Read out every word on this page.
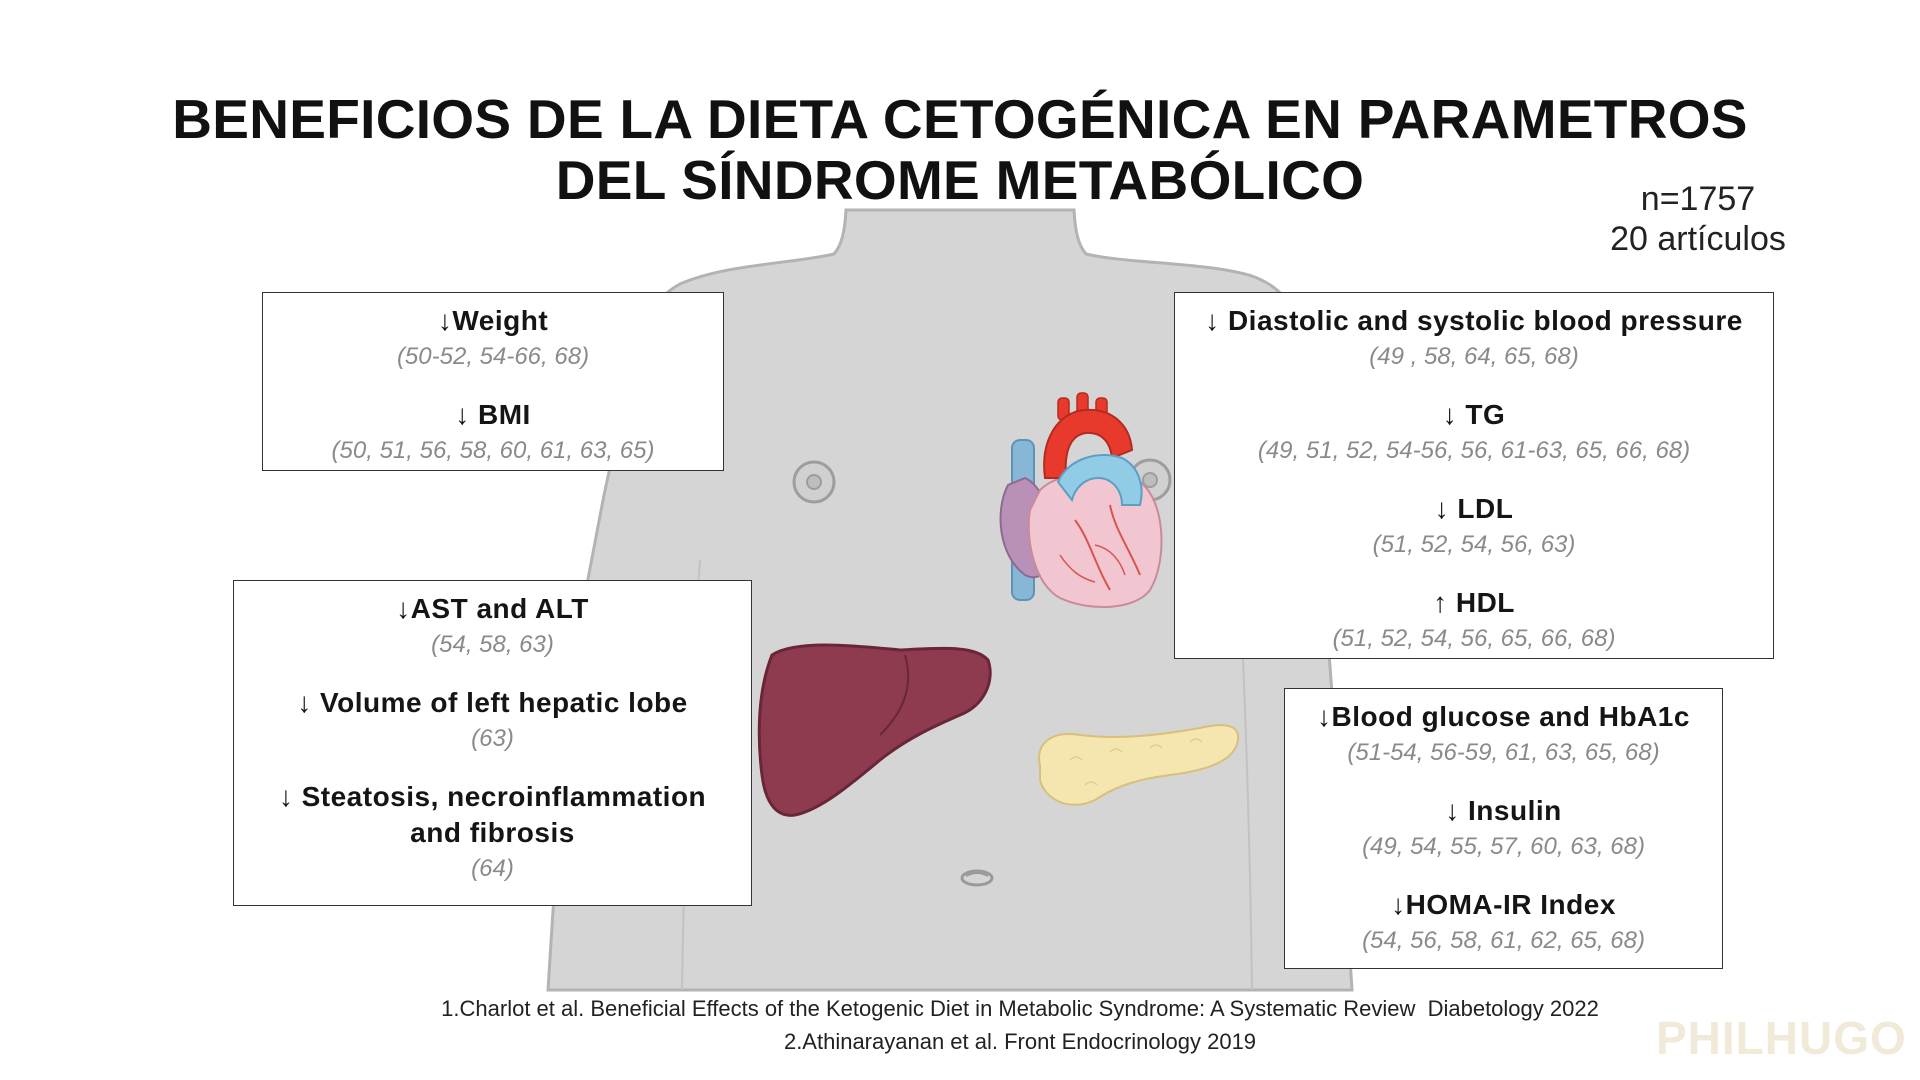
BENEFICIOS DE LA DIETA CETOGÉNICA EN PARAMETROS
DEL SÍNDROME METABÓLICO	n=1757
20 artículos
↓Weight
(50-52, 54-66, 68)
↓ BMI
(50, 51, 56, 58, 60, 61, 63, 65)
↓ Diastolic and systolic blood pressure
(49 , 58, 64, 65, 68)
↓ TG
(49, 51, 52, 54-56, 56, 61-63, 65, 66, 68)
↓ LDL
(51, 52, 54, 56, 63)
↑ HDL
(51, 52, 54, 56, 65, 66, 68)
↓AST and ALT
(54, 58, 63)
↓ Volume of left hepatic lobe
(63)
↓ Steatosis, necroinflammation
and fibrosis
(64)
↓Blood glucose and HbA1c
(51-54, 56-59, 61, 63, 65, 68)
↓ Insulin
(49, 54, 55, 57, 60, 63, 68)
↓HOMA-IR Index
(54, 56, 58, 61, 62, 65, 68)
1.Charlot et al. Beneficial Effects of the Ketogenic Diet in Metabolic Syndrome: A Systematic Review  Diabetology 2022
2.Athinarayanan et al. Front Endocrinology 2019	PHILHUGO
